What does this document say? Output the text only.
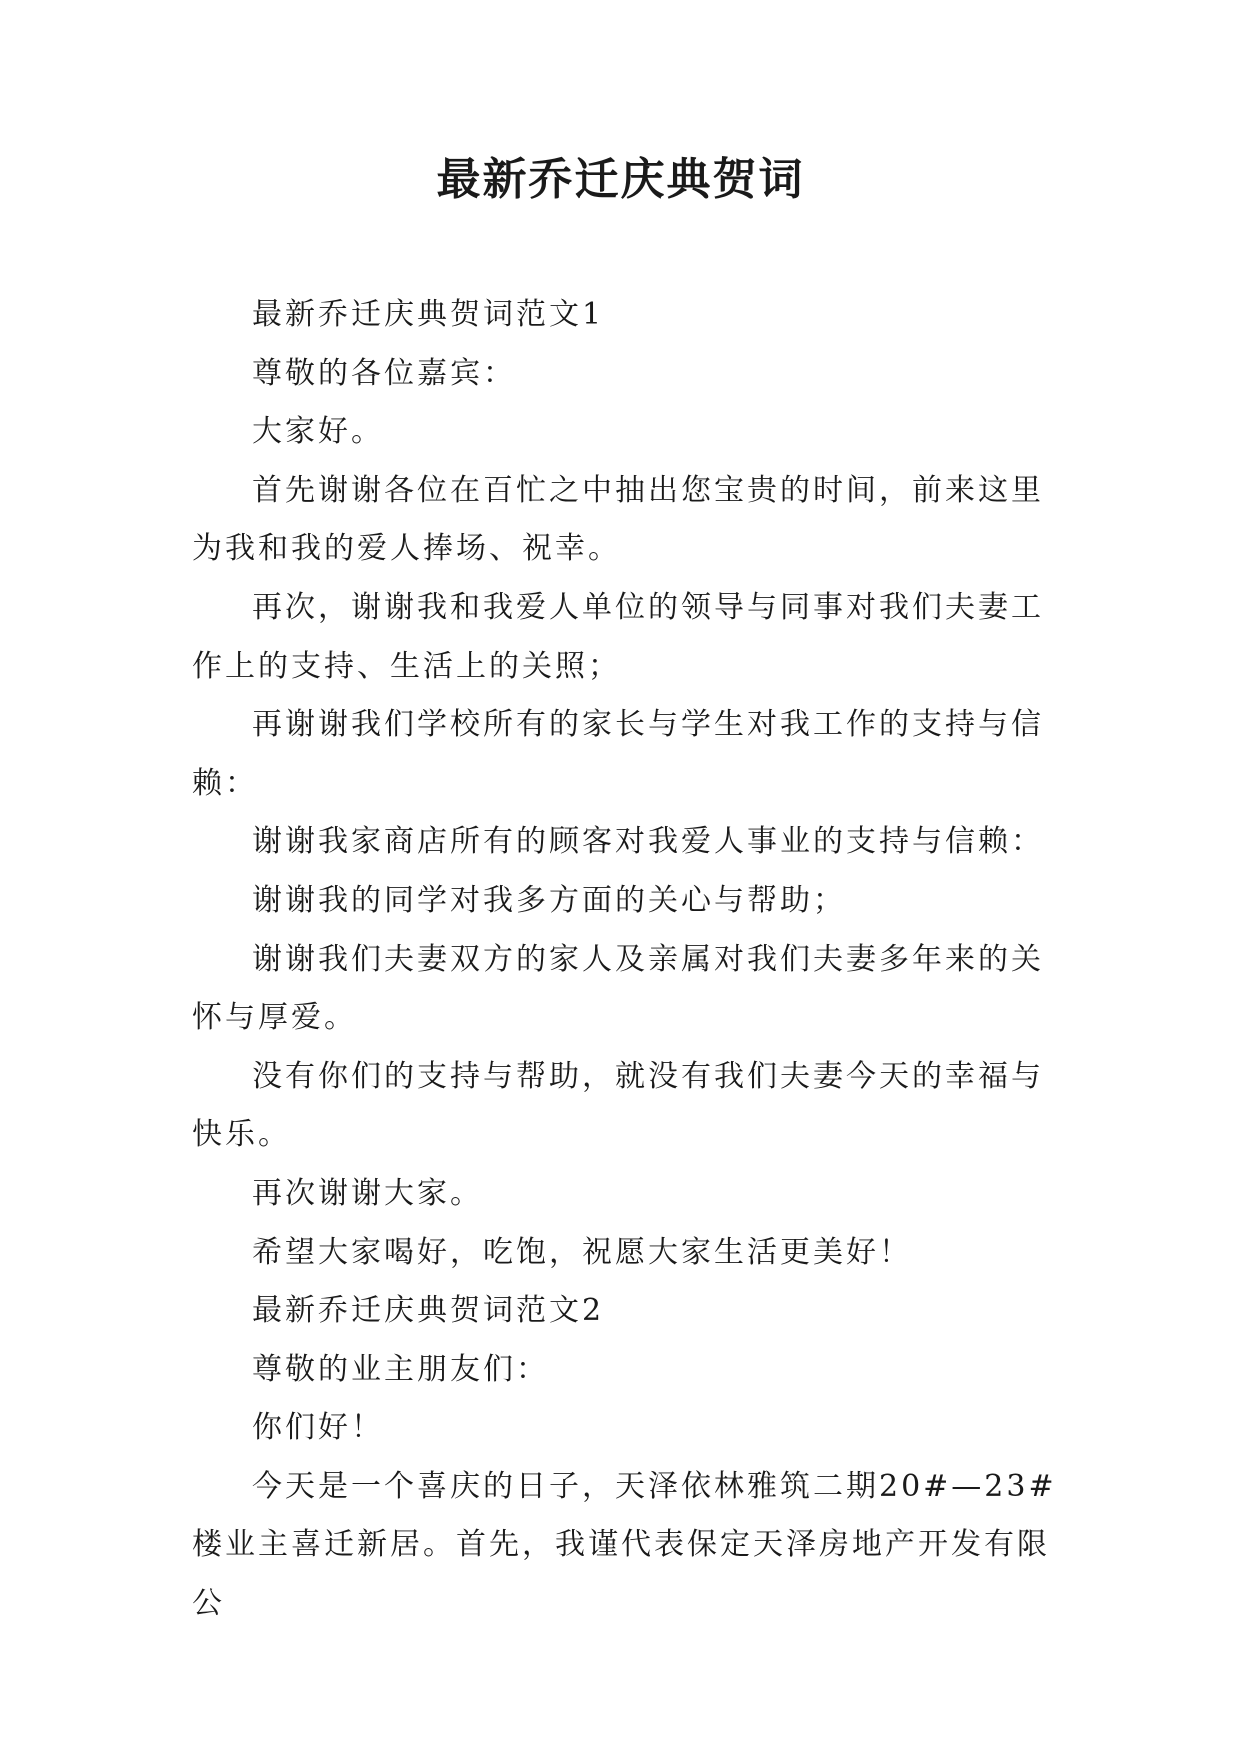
最新乔迁庆典贺词

最新乔迁庆典贺词范文1

尊敬的各位嘉宾：

大家好。

首先谢谢各位在百忙之中抽出您宝贵的时间，前来这里为我和我的爱人捧场、祝幸。

再次，谢谢我和我爱人单位的领导与同事对我们夫妻工作上的支持、生活上的关照；

再谢谢我们学校所有的家长与学生对我工作的支持与信赖：

谢谢我家商店所有的顾客对我爱人事业的支持与信赖：

谢谢我的同学对我多方面的关心与帮助；

谢谢我们夫妻双方的家人及亲属对我们夫妻多年来的关怀与厚爱。

没有你们的支持与帮助，就没有我们夫妻今天的幸福与快乐。

再次谢谢大家。

希望大家喝好，吃饱，祝愿大家生活更美好！

最新乔迁庆典贺词范文2

尊敬的业主朋友们：

你们好！

今天是一个喜庆的日子，天泽依林雅筑二期20#—23#楼业主喜迁新居。首先，我谨代表保定天泽房地产开发有限公
